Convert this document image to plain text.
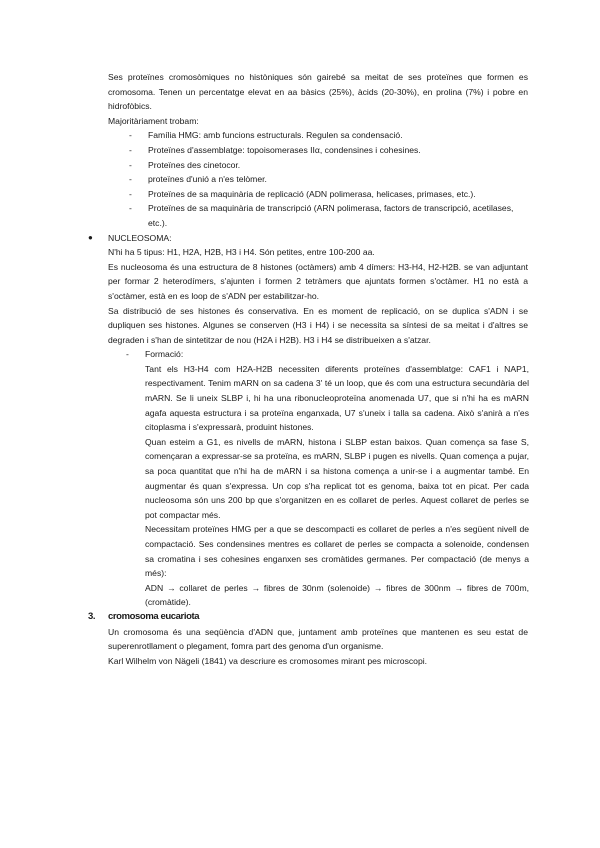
Ses proteïnes cromosòmiques no històniques són gairebé sa meitat de ses proteïnes que formen es cromosoma. Tenen un percentatge elevat en aa bàsics (25%), àcids (20-30%), en prolina (7%) i pobre en hidrofòbics.

Majoritàriament trobam:

- Família HMG: amb funcions estructurals. Regulen sa condensació.
- Proteïnes d'assemblatge: topoisomerases IIα, condensines i cohesines.
- Proteïnes des cinetocor.
- proteïnes d'unió a n'es telòmer.
- Proteïnes de sa maquinària de replicació (ADN polimerasa, helicases, primases, etc.).
- Proteïnes de sa maquinària de transcripció (ARN polimerasa, factors de transcripció, acetilases, etc.).
● NUCLEOSOMA:

N'hi ha 5 tipus: H1, H2A, H2B, H3 i H4. Són petites, entre 100-200 aa.

Es nucleosoma és una estructura de 8 histones (octàmers) amb 4 dímers: H3-H4, H2-H2B. se van adjuntant per formar 2 heterodímers, s'ajunten i formen 2 tetràmers que ajuntats formen s'octàmer. H1 no està a s'octàmer, està en es loop de s'ADN per estabilitzar-ho.

Sa distribució de ses histones és conservativa. En es moment de replicació, on se duplica s'ADN i se dupliquen ses histones. Algunes se conserven (H3 i H4) i se necessita sa síntesi de sa meitat i d'altres se degraden i s'han de sintetitzar de nou (H2A i H2B). H3 i H4 se distribueixen a s'atzar.

- Formació:

Tant els H3-H4 com H2A-H2B necessiten diferents proteïnes d'assemblatge: CAF1 i NAP1, respectivament. Tenim mARN on sa cadena 3' té un loop, que és com una estructura secundària del mARN. Se li uneix SLBP i, hi ha una ribonucleoproteïna anomenada U7, que si n'hi ha es mARN agafa aquesta estructura i sa proteïna enganxada, U7 s'uneix i talla sa cadena. Això s'anirà a n'es citoplasma i s'expressarà, produint histones.

Quan esteim a G1, es nivells de mARN, histona i SLBP estan baixos. Quan comença sa fase S, començaran a expressar-se sa proteïna, es mARN, SLBP i pugen es nivells. Quan comença a pujar, sa poca quantitat que n'hi ha de mARN i sa histona comença a unir-se i a augmentar també. En augmentar és quan s'expressa. Un cop s'ha replicat tot es genoma, baixa tot en picat. Per cada nucleosoma són uns 200 bp que s'organitzen en es collaret de perles. Aquest collaret de perles se pot compactar més.

Necessitam proteïnes HMG per a que se descompacti es collaret de perles a n'es següent nivell de compactació. Ses condensines mentres es collaret de perles se compacta a solenoide, condensen sa cromatina i ses cohesines enganxen ses cromàtides germanes. Per compactació (de menys a més):

ADN → collaret de perles → fibres de 30nm (solenoide) → fibres de 300nm → fibres de 700m, (cromàtide).

3. cromosoma eucariota

Un cromosoma és una seqüència d'ADN que, juntament amb proteïnes que mantenen es seu estat de superenrotllament o plegament, fomra part des genoma d'un organisme.

Karl Wilhelm von Nägeli (1841) va descriure es cromosomes mirant pes microscopi.
